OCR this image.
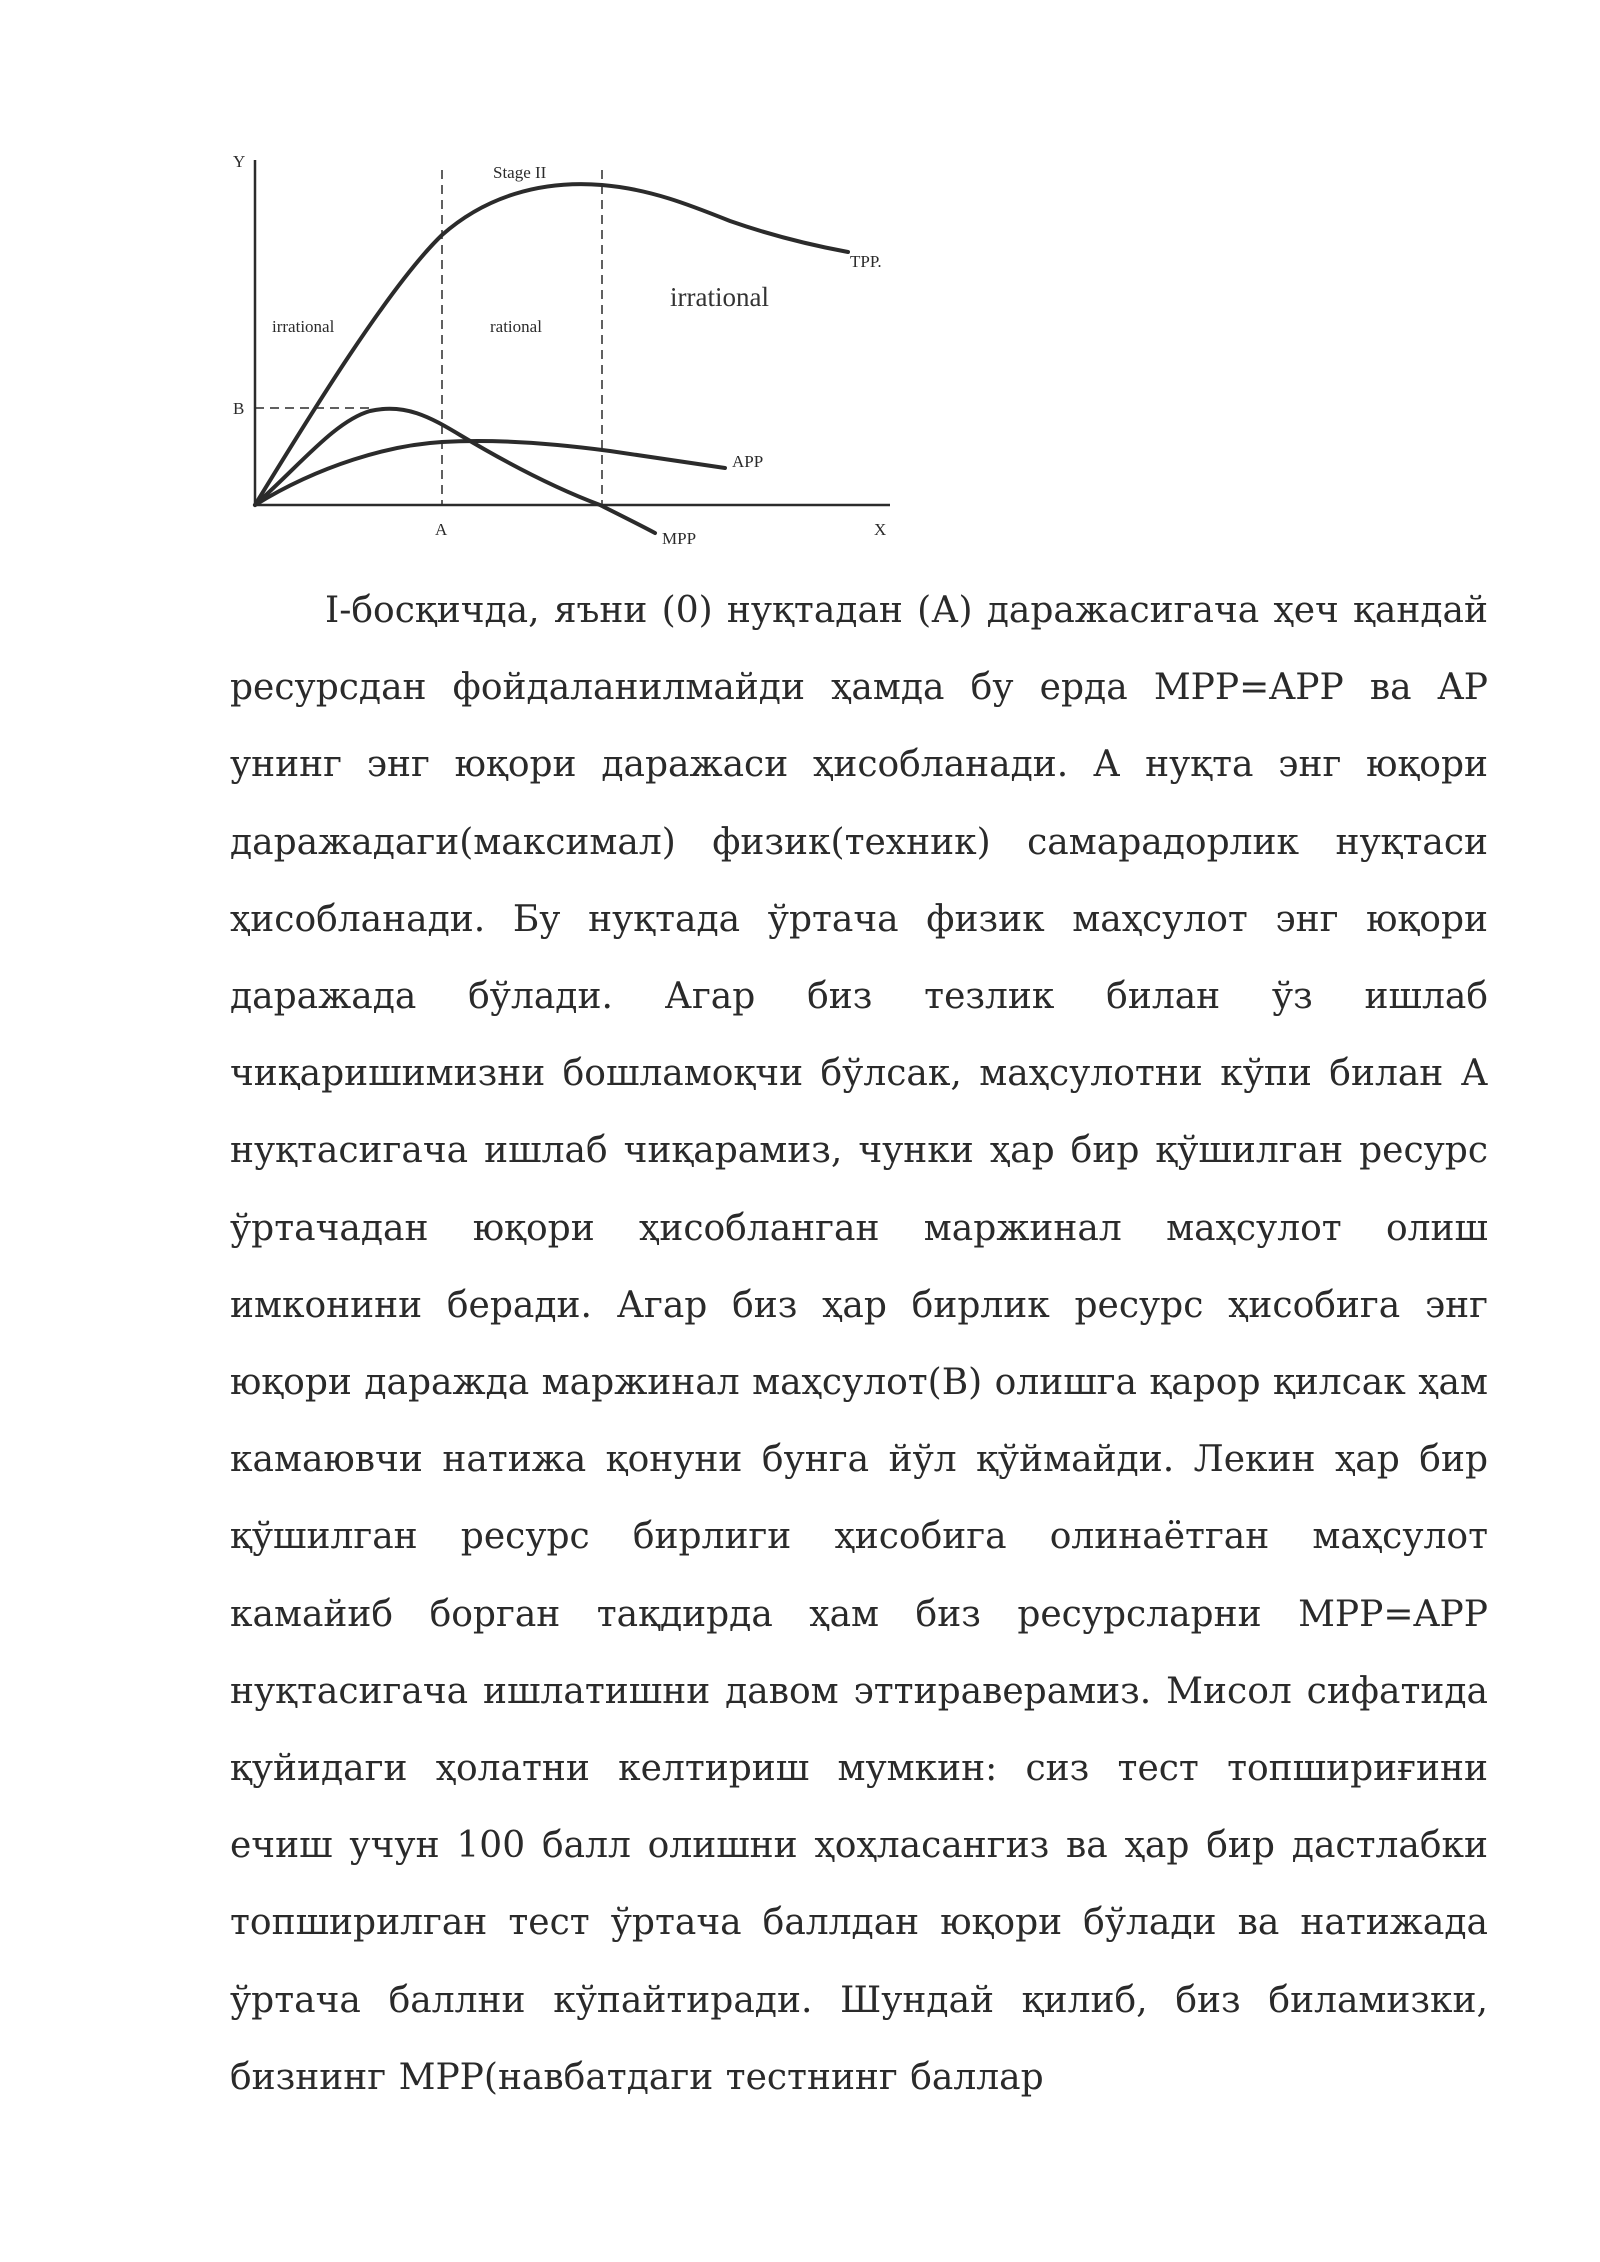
Y
X
A
B
Stage II
irrational	rational
irrational
TPP.
APP
MPP

I-босқичда, яъни (0) нуқтадан (А) даражасигача ҳеч қандай ресурсдан фойдаланилмайди ҳамда бу ерда MPP=APP ва AP унинг энг юқори даражаси ҳисобланади. А нуқта энг юқори даражадаги(максимал) физик(техник) самарадорлик нуқтаси ҳисобланади. Бу нуқтада ўртача физик маҳсулот энг юқори даражада бўлади. Агар биз тезлик билан ўз ишлаб чиқаришимизни бошламоқчи бўлсак, маҳсулотни кўпи билан А нуқтасигача ишлаб чиқарамиз, чунки ҳар бир қўшилган ресурс ўртачадан юқори ҳисобланган маржинал маҳсулот олиш имконини беради. Агар биз ҳар бирлик ресурс ҳисобига энг юқори даражда маржинал маҳсулот(В) олишга қарор қилсак ҳам камаювчи натижа қонуни бунга йўл қўймайди. Лекин ҳар бир қўшилган ресурс бирлиги ҳисобига олинаётган маҳсулот камайиб борган тақдирда ҳам биз ресурсларни MPP=APP нуқтасигача ишлатишни давом эттираверамиз. Мисол сифатида қуйидаги ҳолатни келтириш мумкин: сиз тест топшириғини ечиш учун 100 балл олишни ҳоҳласангиз ва ҳар бир дастлабки топширилган тест ўртача баллдан юқори бўлади ва натижада ўртача баллни кўпайтиради. Шундай қилиб, биз биламизки, бизнинг MPP(навбатдаги тестнинг баллар
